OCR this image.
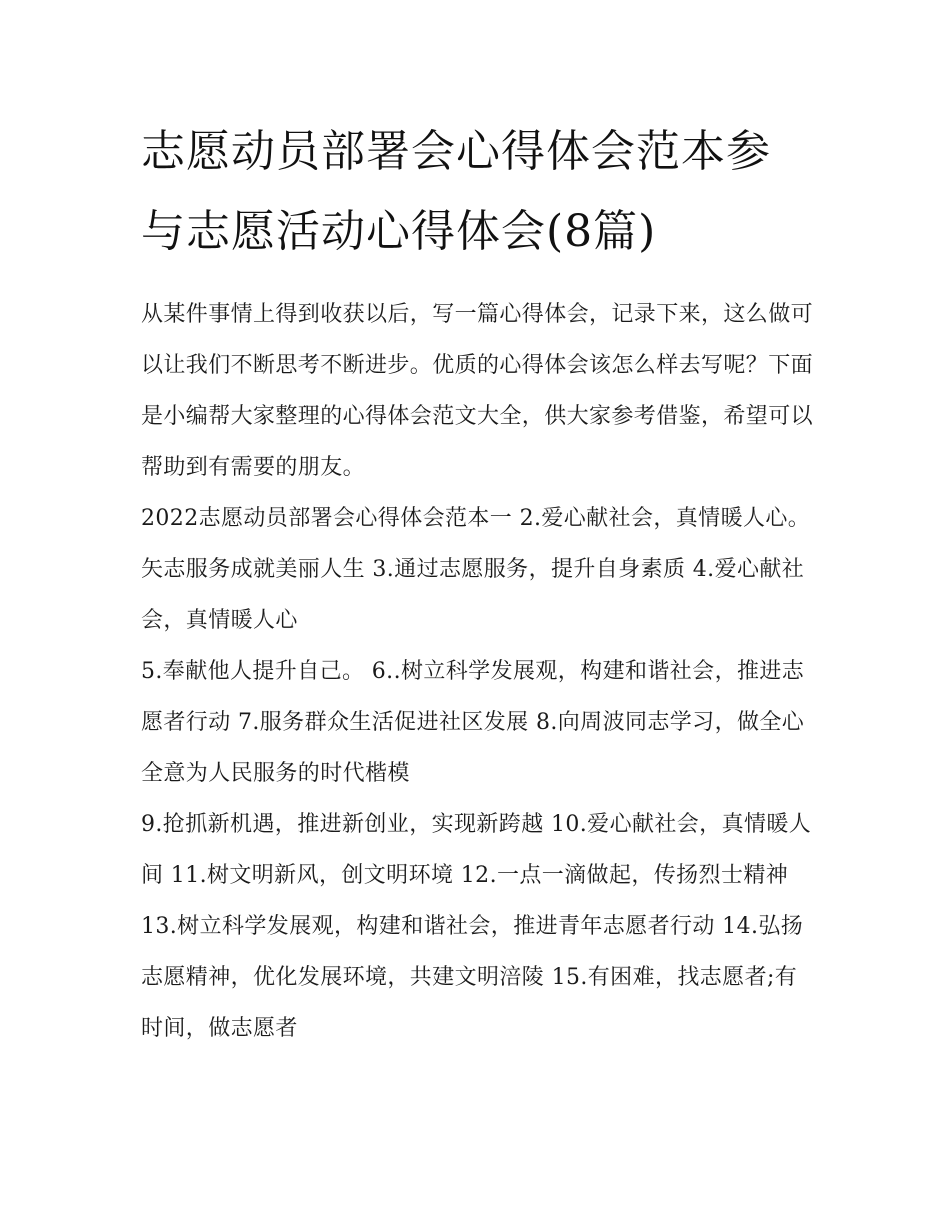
志愿动员部署会心得体会范本参与志愿活动心得体会(8篇)

从某件事情上得到收获以后，写一篇心得体会，记录下来，这么做可以让我们不断思考不断进步。优质的心得体会该怎么样去写呢？下面是小编帮大家整理的心得体会范文大全，供大家参考借鉴，希望可以帮助到有需要的朋友。

2022志愿动员部署会心得体会范本一 2.爱心献社会，真情暖人心。矢志服务成就美丽人生 3.通过志愿服务，提升自身素质 4.爱心献社会，真情暖人心

5.奉献他人提升自己。 6..树立科学发展观，构建和谐社会，推进志愿者行动 7.服务群众生活促进社区发展 8.向周波同志学习，做全心全意为人民服务的时代楷模

9.抢抓新机遇，推进新创业，实现新跨越 10.爱心献社会，真情暖人间 11.树文明新风，创文明环境 12.一点一滴做起，传扬烈士精神

13.树立科学发展观，构建和谐社会，推进青年志愿者行动 14.弘扬志愿精神，优化发展环境，共建文明涪陵 15.有困难，找志愿者;有时间，做志愿者
